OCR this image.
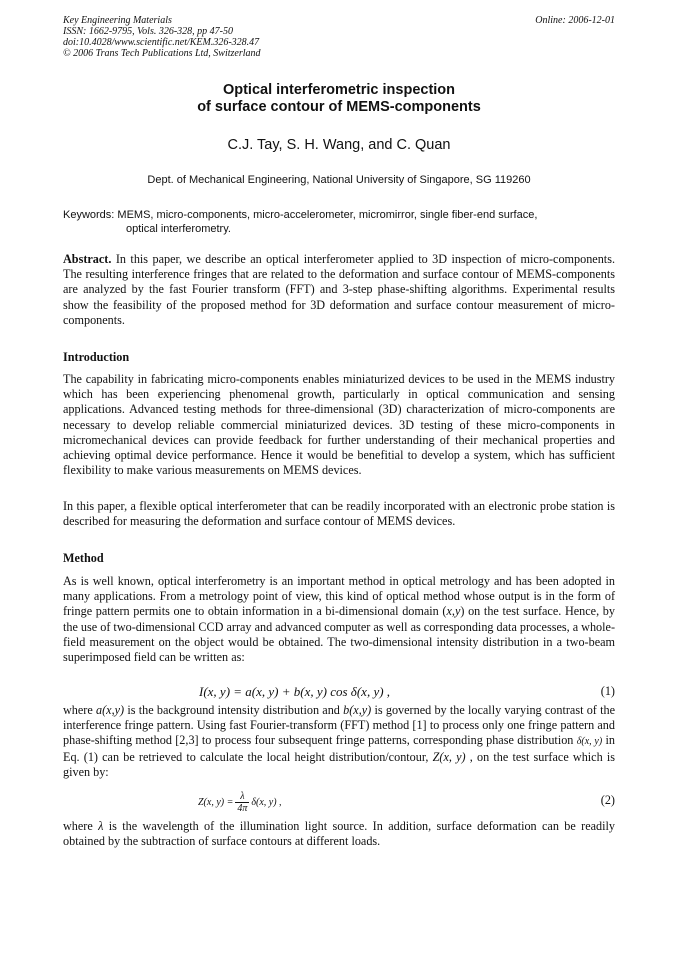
Key Engineering Materials
ISSN: 1662-9795, Vols. 326-328, pp 47-50
doi:10.4028/www.scientific.net/KEM.326-328.47
© 2006 Trans Tech Publications Ltd, Switzerland
Online: 2006-12-01
Optical interferometric inspection
of surface contour of MEMS-components
C.J. Tay, S. H. Wang, and C. Quan
Dept. of Mechanical Engineering, National University of Singapore, SG 119260
Keywords: MEMS, micro-components, micro-accelerometer, micromirror, single fiber-end surface,
optical interferometry.
Abstract. In this paper, we describe an optical interferometer applied to 3D inspection of micro-components. The resulting interference fringes that are related to the deformation and surface contour of MEMS-components are analyzed by the fast Fourier transform (FFT) and 3-step phase-shifting algorithms. Experimental results show the feasibility of the proposed method for 3D deformation and surface contour measurement of micro-components.
Introduction
The capability in fabricating micro-components enables miniaturized devices to be used in the MEMS industry which has been experiencing phenomenal growth, particularly in optical communication and sensing applications. Advanced testing methods for three-dimensional (3D) characterization of micro-components are necessary to develop reliable commercial miniaturized devices. 3D testing of these micro-components in micromechanical devices can provide feedback for further understanding of their mechanical properties and achieving optimal device performance. Hence it would be benefitial to develop a system, which has sufficient flexibility to make various measurements on MEMS devices.
In this paper, a flexible optical interferometer that can be readily incorporated with an electronic probe station is described for measuring the deformation and surface contour of MEMS devices.
Method
As is well known, optical interferometry is an important method in optical metrology and has been adopted in many applications. From a metrology point of view, this kind of optical method whose output is in the form of fringe pattern permits one to obtain information in a bi-dimensional domain (x,y) on the test surface. Hence, by the use of two-dimensional CCD array and advanced computer as well as corresponding data processes, a whole-field measurement on the object would be obtained. The two-dimensional intensity distribution in a two-beam superimposed field can be written as:
I(x, y) = a(x, y) + b(x, y) cos δ(x, y) ,	(1)
where a(x,y) is the background intensity distribution and b(x,y) is governed by the locally varying contrast of the interference fringe pattern. Using fast Fourier-transform (FFT) method [1] to process only one fringe pattern and phase-shifting method [2,3] to process four subsequent fringe patterns, corresponding phase distribution δ(x, y) in Eq. (1) can be retrieved to calculate the local height distribution/contour, Z(x, y) , on the test surface which is given by:
Z(x, $y) = \frac{\lambda}{4\pi} \delta(x$, y) ,	(2)
where λ is the wavelength of the illumination light source. In addition, surface deformation can be readily obtained by the subtraction of surface contours at different loads.
